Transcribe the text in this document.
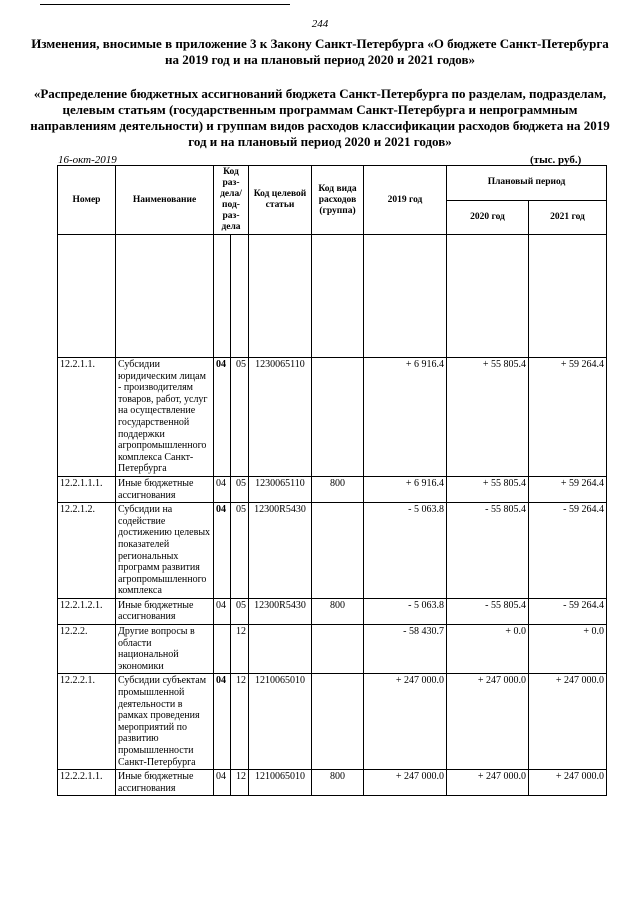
244
Изменения, вносимые в приложение 3 к Закону Санкт-Петербурга «О бюджете Санкт-Петербурга на 2019 год и на плановый период 2020 и 2021 годов»
«Распределение бюджетных ассигнований бюджета Санкт-Петербурга по разделам, подразделам, целевым статьям (государственным программам Санкт-Петербурга и непрограммным направлениям деятельности) и группам видов расходов классификации расходов бюджета на 2019 год и на плановый период 2020 и 2021 годов»
16-окт-2019	(тыс. руб.)
Номер	Наименование	Код раз-дела/ под-раз-дела		Код целевой статьи	Код вида расходов (группа)	2019 год	Плановый период	
							2020 год	2021 год

12.2.1.1.	Субсидии юридическим лицам - производителям товаров, работ, услуг на осуществление государственной поддержки агропромышленного комплекса Санкт-Петербурга	04	05	1230065110		+ 6 916.4	+ 55 805.4	+ 59 264.4
12.2.1.1.1.	Иные бюджетные ассигнования	04	05	1230065110	800	+ 6 916.4	+ 55 805.4	+ 59 264.4
12.2.1.2.	Субсидии на содействие достижению целевых показателей региональных программ развития агропромышленного комплекса	04	05	12300R5430		- 5 063.8	- 55 805.4	- 59 264.4
12.2.1.2.1.	Иные бюджетные ассигнования	04	05	12300R5430	800	- 5 063.8	- 55 805.4	- 59 264.4
12.2.2.	Другие вопросы в области национальной экономики		12			- 58 430.7	+ 0.0	+ 0.0
12.2.2.1.	Субсидии субъектам промышленной деятельности в рамках проведения мероприятий по развитию промышленности Санкт-Петербурга	04	12	1210065010		+ 247 000.0	+ 247 000.0	+ 247 000.0
12.2.2.1.1.	Иные бюджетные ассигнования	04	12	1210065010	800	+ 247 000.0	+ 247 000.0	+ 247 000.0
